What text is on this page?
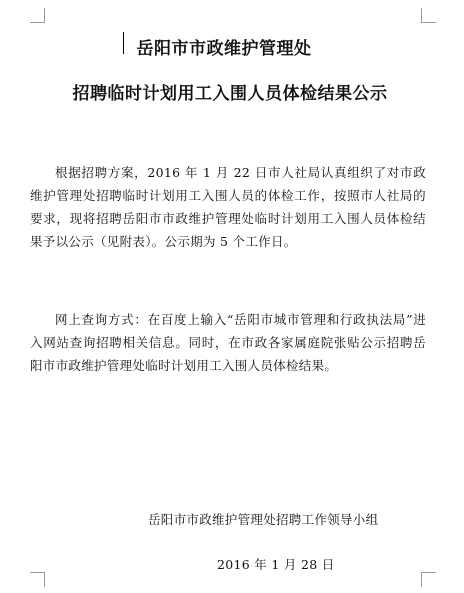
岳阳市市政维护管理处
招聘临时计划用工入围人员体检结果公示

根据招聘方案，2016 年 1 月 22 日市人社局认真组织了对市政维护管理处招聘临时计划用工入围人员的体检工作，按照市人社局的要求，现将招聘岳阳市市政维护管理处临时计划用工入围人员体检结果予以公示（见附表）。公示期为 5 个工作日。

网上查询方式：在百度上输入“岳阳市城市管理和行政执法局”进入网站查询招聘相关信息。同时，在市政各家属庭院张贴公示招聘岳阳市市政维护管理处临时计划用工入围人员体检结果。

岳阳市市政维护管理处招聘工作领导小组
2016 年 1 月 28 日
